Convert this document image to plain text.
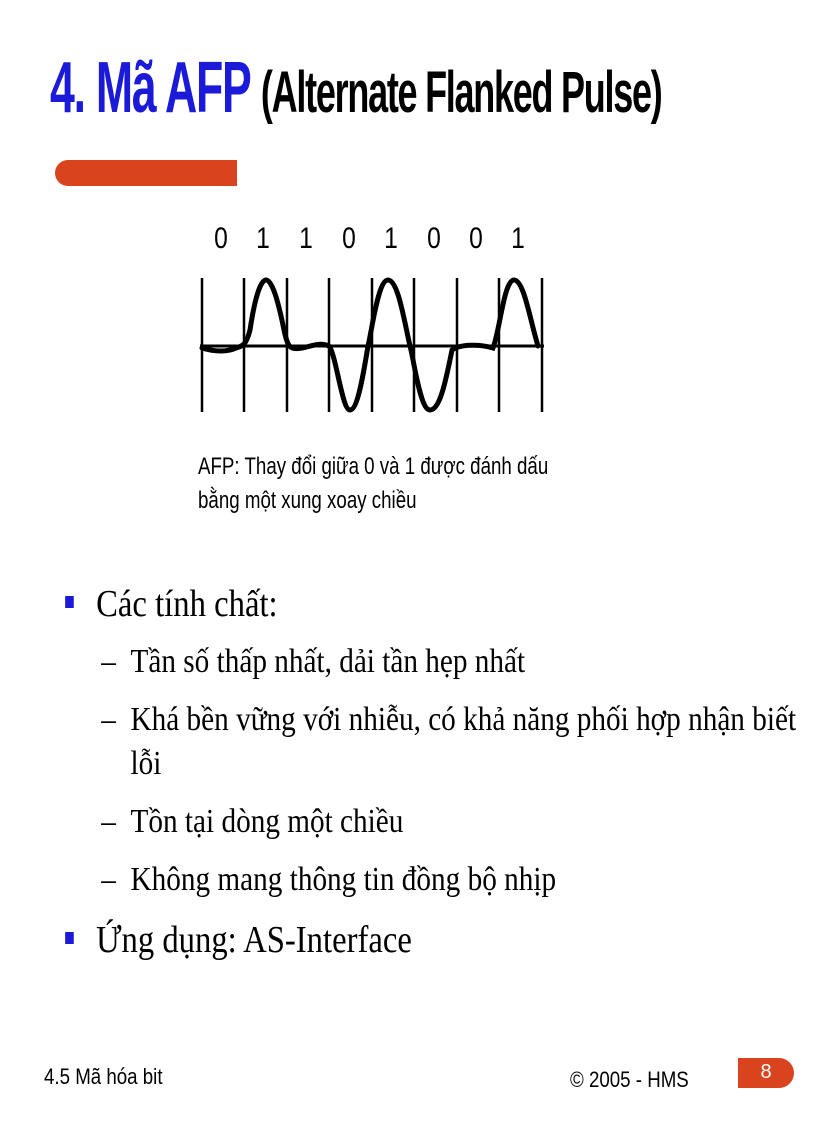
4. Mã AFP (Alternate Flanked Pulse)
0 1 1 0 1 0 0 1
AFP: Thay đổi giữa 0 và 1 được đánh dấu
bằng một xung xoay chiều
Các tính chất:
– Tần số thấp nhất, dải tần hẹp nhất
– Khá bền vững với nhiễu, có khả năng phối hợp nhận biết lỗi
– Tồn tại dòng một chiều
– Không mang thông tin đồng bộ nhịp
Ứng dụng: AS-Interface
4.5 Mã hóa bit	© 2005 - HMS	8
